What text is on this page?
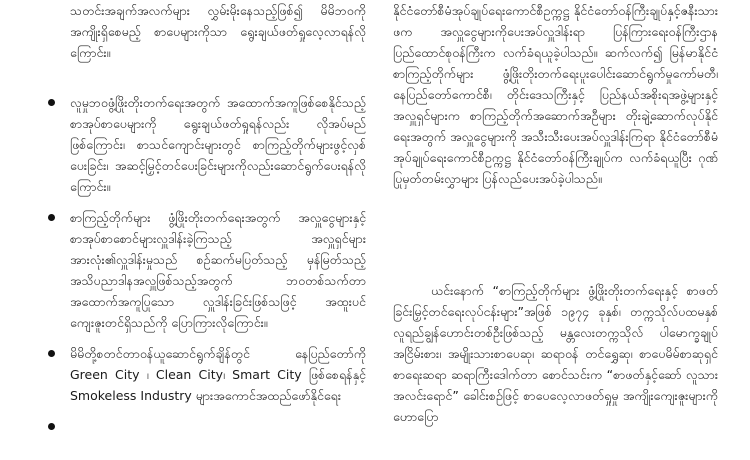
သတင်းအချက်အလက်များ လွှမ်းမိုးနေသည့်ဖြစ်၍ မိမိဘဝကိုအကျိုးရှိစေမည့် စာပေများကိုသာ ရွေးချယ်ဖတ်ရှုလေ့လာရန်လိုကြောင်း။

လူမှုဘဝဖွံ့ဖြိုးတိုးတက်ရေးအတွက် အထောက်အကူဖြစ်စေနိုင်သည့် စာအုပ်စာပေများကို ရွေးချယ်ဖတ်ရှုရန်လည်း လိုအပ်မည်ဖြစ်ကြောင်း၊ စာသင်ကျောင်းများတွင် စာကြည့်တိုက်များဖွင့်လှစ်ပေးခြင်း၊ အဆင့်မြှင့်တင်ပေးခြင်းများကိုလည်းဆောင်ရွက်ပေးရန်လိုကြောင်း။

စာကြည့်တိုက်များ ဖွံ့ဖြိုးတိုးတက်ရေးအတွက် အလှူငွေများနှင့် စာအုပ်စာစောင်များလှူဒါန်းခဲ့ကြသည့် အလှူရှင်များအားလုံး၏လှူဒါန်းမှုသည် စဉ်ဆက်မပြတ်သည့် မှန်မြတ်သည့် အသိပညာဒါနအလှူဖြစ်သည့်အတွက် ဘဝတစ်သက်တာ အထောက်အကူပြုသော လှူဒါန်းခြင်းဖြစ်သဖြင့် အထူးပင် ကျေးဇူးတင်ရှိသည်ကို ပြောကြားလိုကြောင်း။

မိမိတို့စတင်တာဝန်ယူဆောင်ရွက်ချိန်တွင် နေပြည်တော်ကို Green City ၊ Clean City၊ Smart City ဖြစ်စေရန်နှင့် Smokeless Industry များအကောင်အထည်ဖော်နိုင်ရေး

နိုင်ငံတော်စီမံအုပ်ချုပ်ရေးကောင်စီဥက္ကဋ္ဌ နိုင်ငံတော်ဝန်ကြီးချုပ်နှင့်ဇနီးသားဖက အလှူငွေများကိုပေးအပ်လှူဒါန်းရာ ပြန်ကြားရေးဝန်ကြီးဌာန ပြည်ထောင်စုဝန်ကြီးက လက်ခံရယူခဲ့ပါသည်။ ဆက်လက်၍ မြန်မာနိုင်ငံစာကြည့်တိုက်များ ဖွံ့ဖြိုးတိုးတက်ရေးပူးပေါင်းဆောင်ရွက်မှုကော်မတီ၊ နေပြည်တော်ကောင်စီ၊ တိုင်းဒေသကြီးနှင့် ပြည်နယ်အစိုးရအဖွဲ့များနှင့် အလှူရှင်များက စာကြည့်တိုက်အဆောက်အဦများ တိုးချဲ့ဆောက်လုပ်နိုင်ရေးအတွက် အလှူငွေများကို အသီးသီးပေးအပ်လှူဒါန်းကြရာ နိုင်ငံတော်စီမံအုပ်ချုပ်ရေးကောင်စီဥက္ကဋ္ဌ နိုင်ငံတော်ဝန်ကြီးချုပ်က လက်ခံရယူပြီး ဂုဏ်ပြုမှတ်တမ်းလွှာများ ပြန်လည်ပေးအပ်ခဲ့ပါသည်။

ယင်းနောက် “စာကြည့်တိုက်များ ဖွံ့ဖြိုးတိုးတက်ရေးနှင့် စာဖတ်ခြင်းမြှင့်တင်ရေးလုပ်ငန်းများ”အဖြစ် ၁၉၇၄ ခုနှစ်၊ တက္ကသိုလ်ပထမနှစ် လူရည်ချွန်ဟောင်းတစ်ဦးဖြစ်သည့် မန္တလေးတက္ကသိုလ် ပါမောက္ခချုပ်အငြိမ်းစား၊ အမျိုးသားစာပေဆု၊ ဆရာဝန် တင်ရွှေဆု၊ စာပေမိမ်စာဆုရှင် စာရေးဆရာ ဆရာကြီးဒေါက်တာ စောင်သင်းက “စာဖတ်နှင့်ဆော် လူသားအလင်းရောင်” ခေါင်းစဉ်ဖြင့် စာပေလေ့လာဖတ်ရှုမှု အကျိုးကျေးဇူးများကို ဟောပြော
